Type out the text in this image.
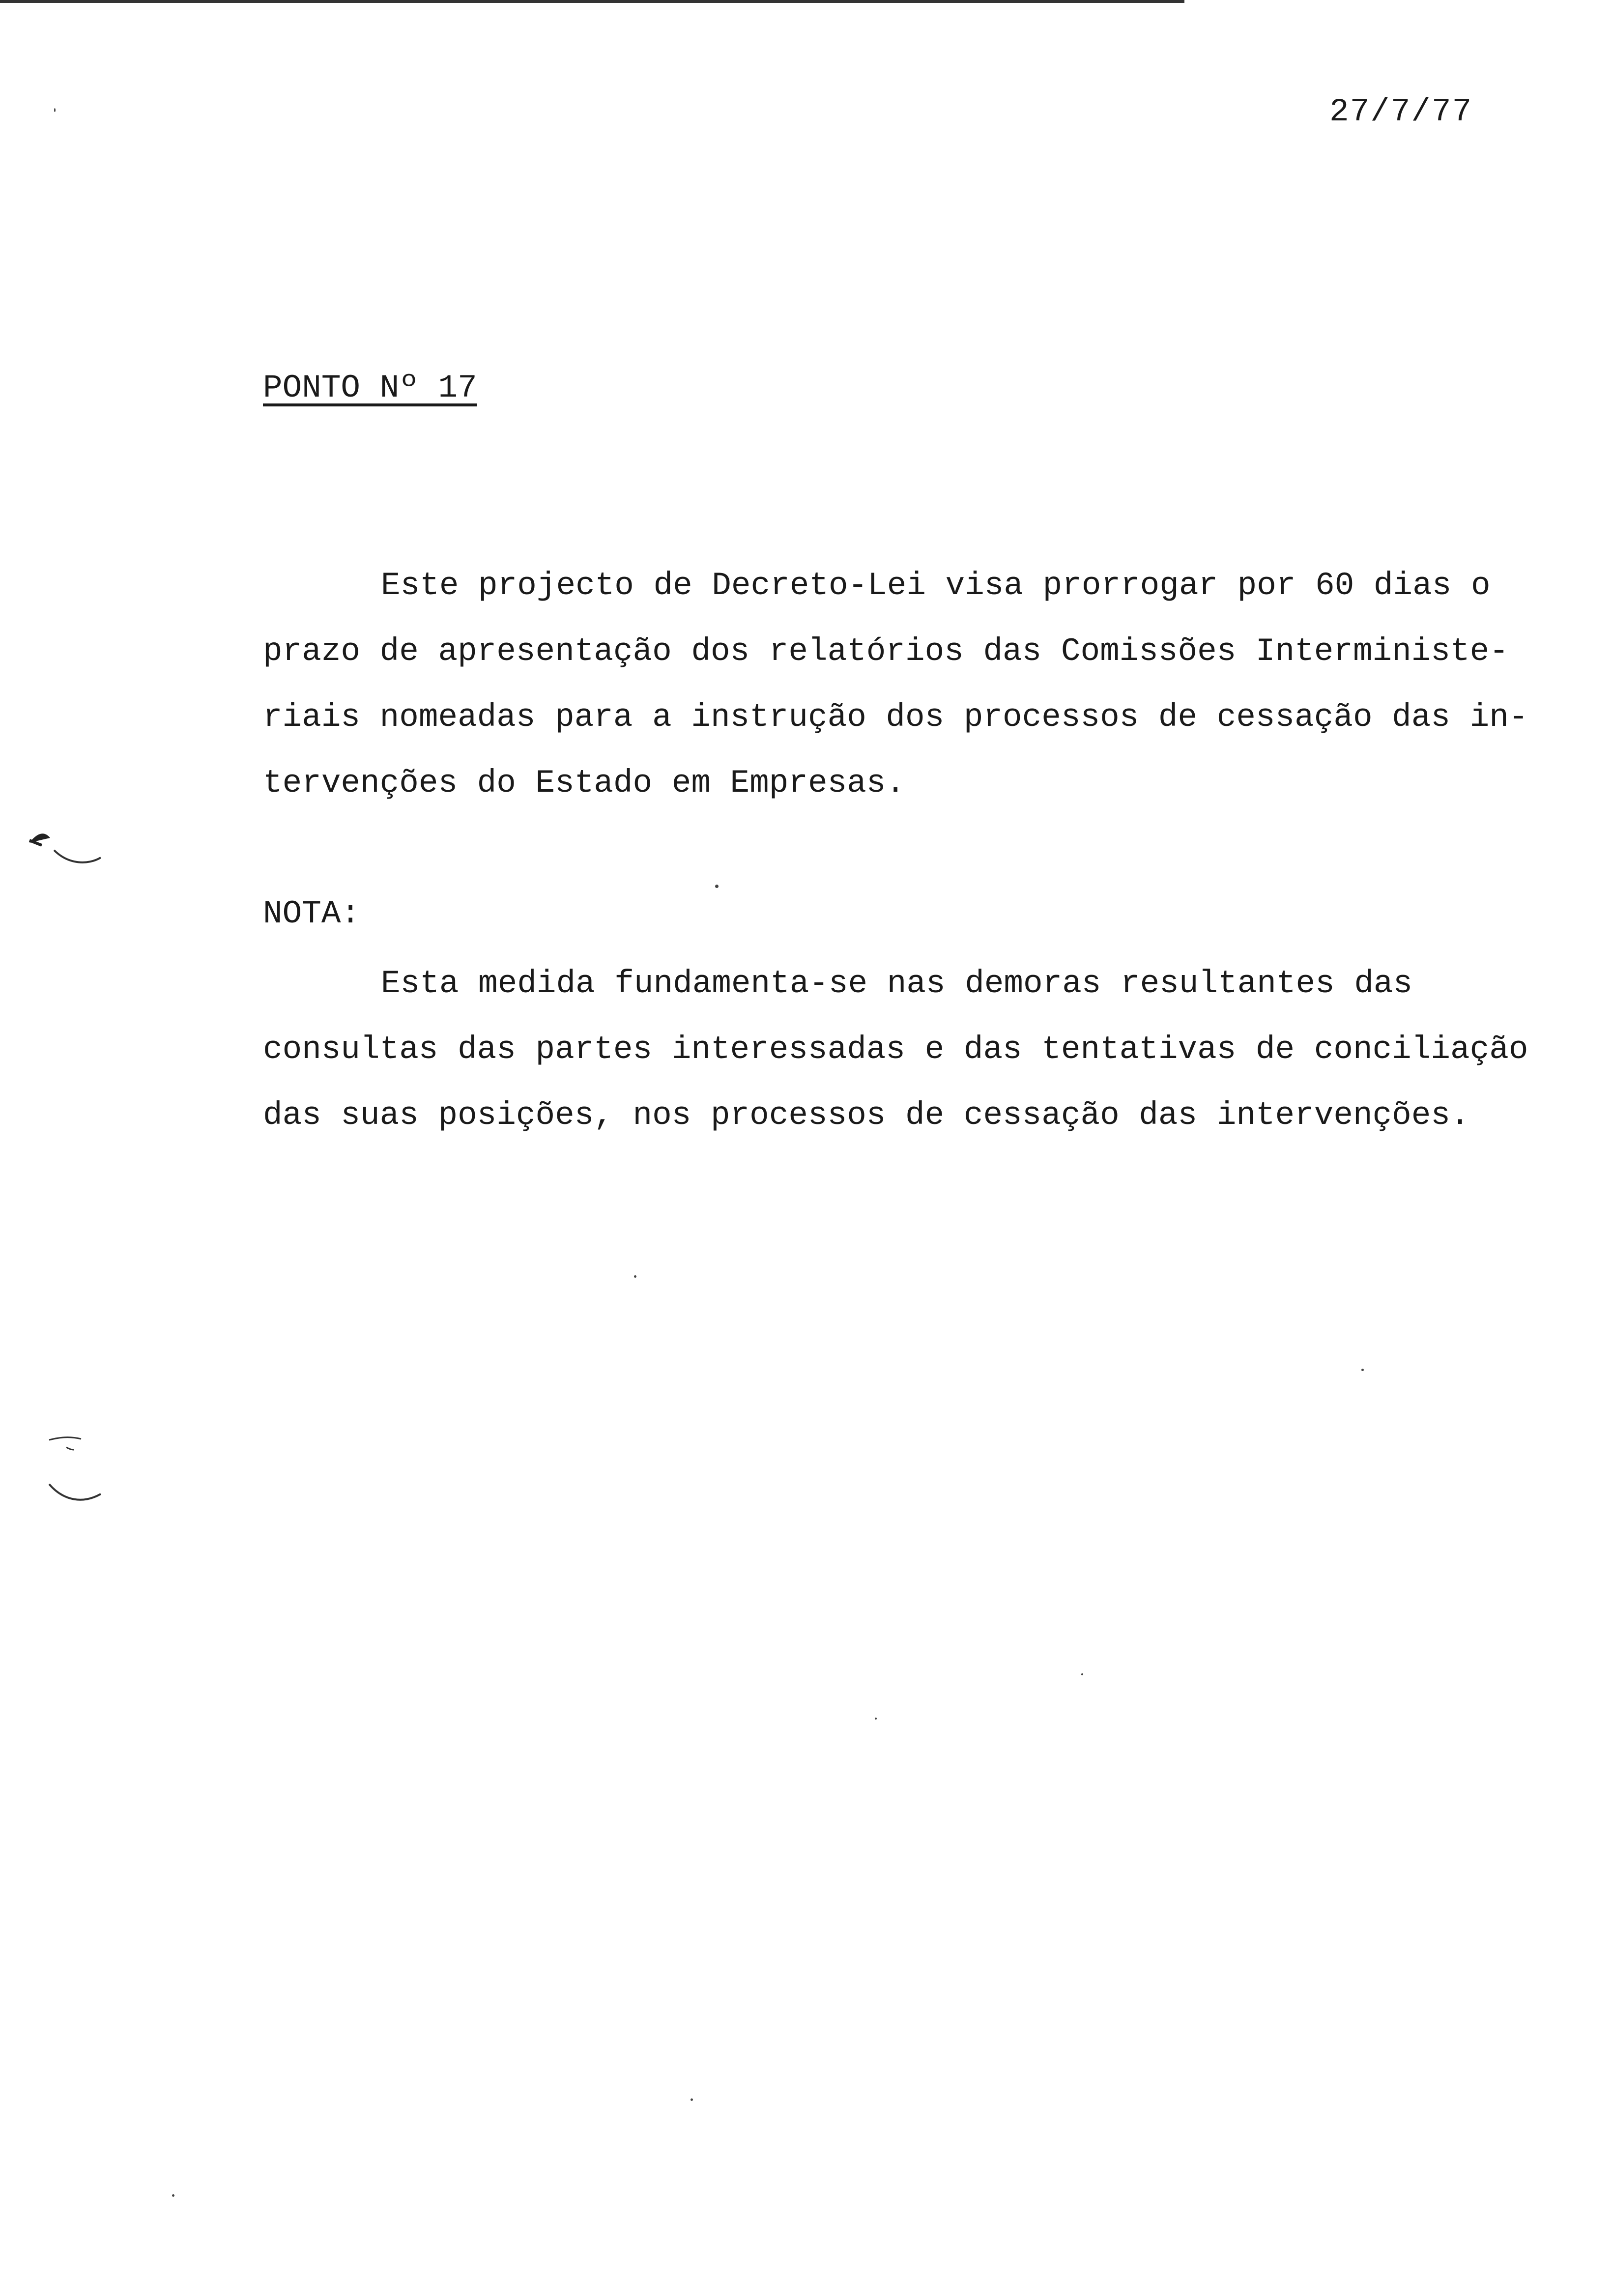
27/7/77
PONTO Nº 17

Este projecto de Decreto-Lei visa prorrogar por 60 dias o
prazo de apresentação dos relatórios das Comissões Interministe-
riais nomeadas para a instrução dos processos de cessação das in-
tervenções do Estado em Empresas.

NOTA:

Esta medida fundamenta-se nas demoras resultantes das
consultas das partes interessadas e das tentativas de conciliação
das suas posições, nos processos de cessação das intervenções.
